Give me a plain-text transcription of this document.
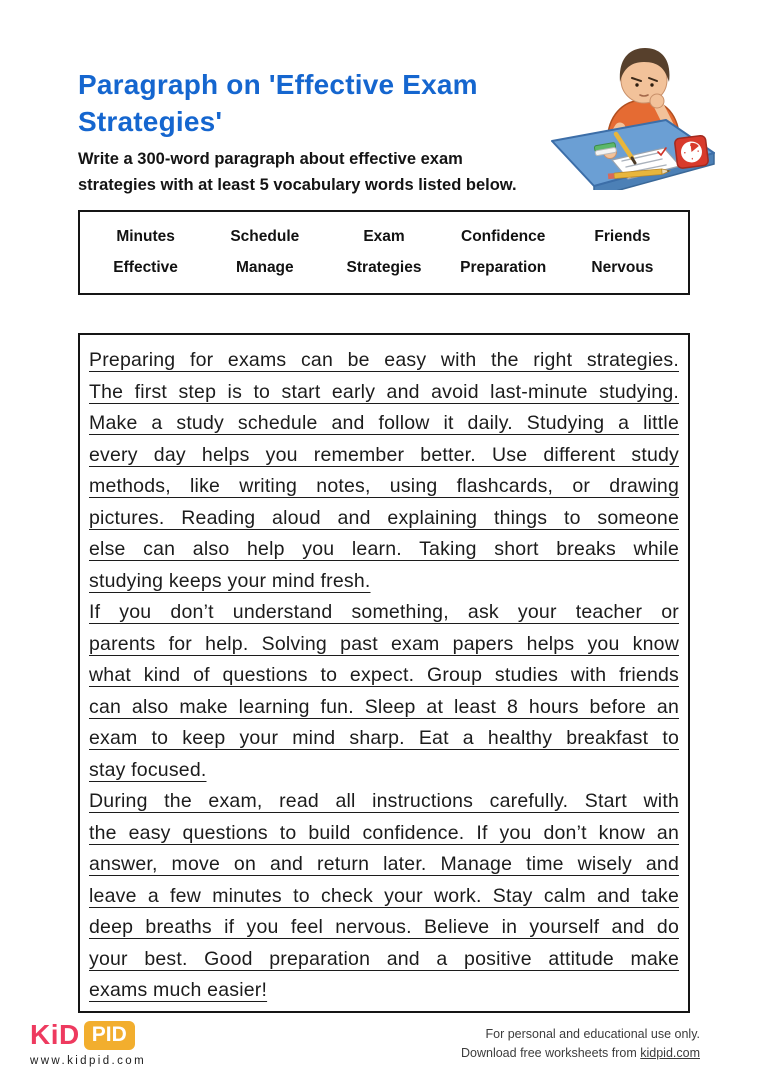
Paragraph on 'Effective Exam
Strategies'
Write a 300-word paragraph about effective exam
strategies with at least 5 vocabulary words listed below.
Minutes	Schedule	Exam	Confidence	Friends
Effective	Manage	Strategies	Preparation	Nervous
Preparing for exams can be easy with the right strategies.
The first step is to start early and avoid last-minute studying.
Make a study schedule and follow it daily. Studying a little
every day helps you remember better. Use different study
methods, like writing notes, using flashcards, or drawing
pictures. Reading aloud and explaining things to someone
else can also help you learn. Taking short breaks while
studying keeps your mind fresh.
If you don’t understand something, ask your teacher or
parents for help. Solving past exam papers helps you know
what kind of questions to expect. Group studies with friends
can also make learning fun. Sleep at least 8 hours before an
exam to keep your mind sharp. Eat a healthy breakfast to
stay focused.
During the exam, read all instructions carefully. Start with
the easy questions to build confidence. If you don’t know an
answer, move on and return later. Manage time wisely and
leave a few minutes to check your work. Stay calm and take
deep breaths if you feel nervous. Believe in yourself and do
your best. Good preparation and a positive attitude make
exams much easier!
KiD PID
www.kidpid.com
For personal and educational use only.
Download free worksheets from kidpid.com
